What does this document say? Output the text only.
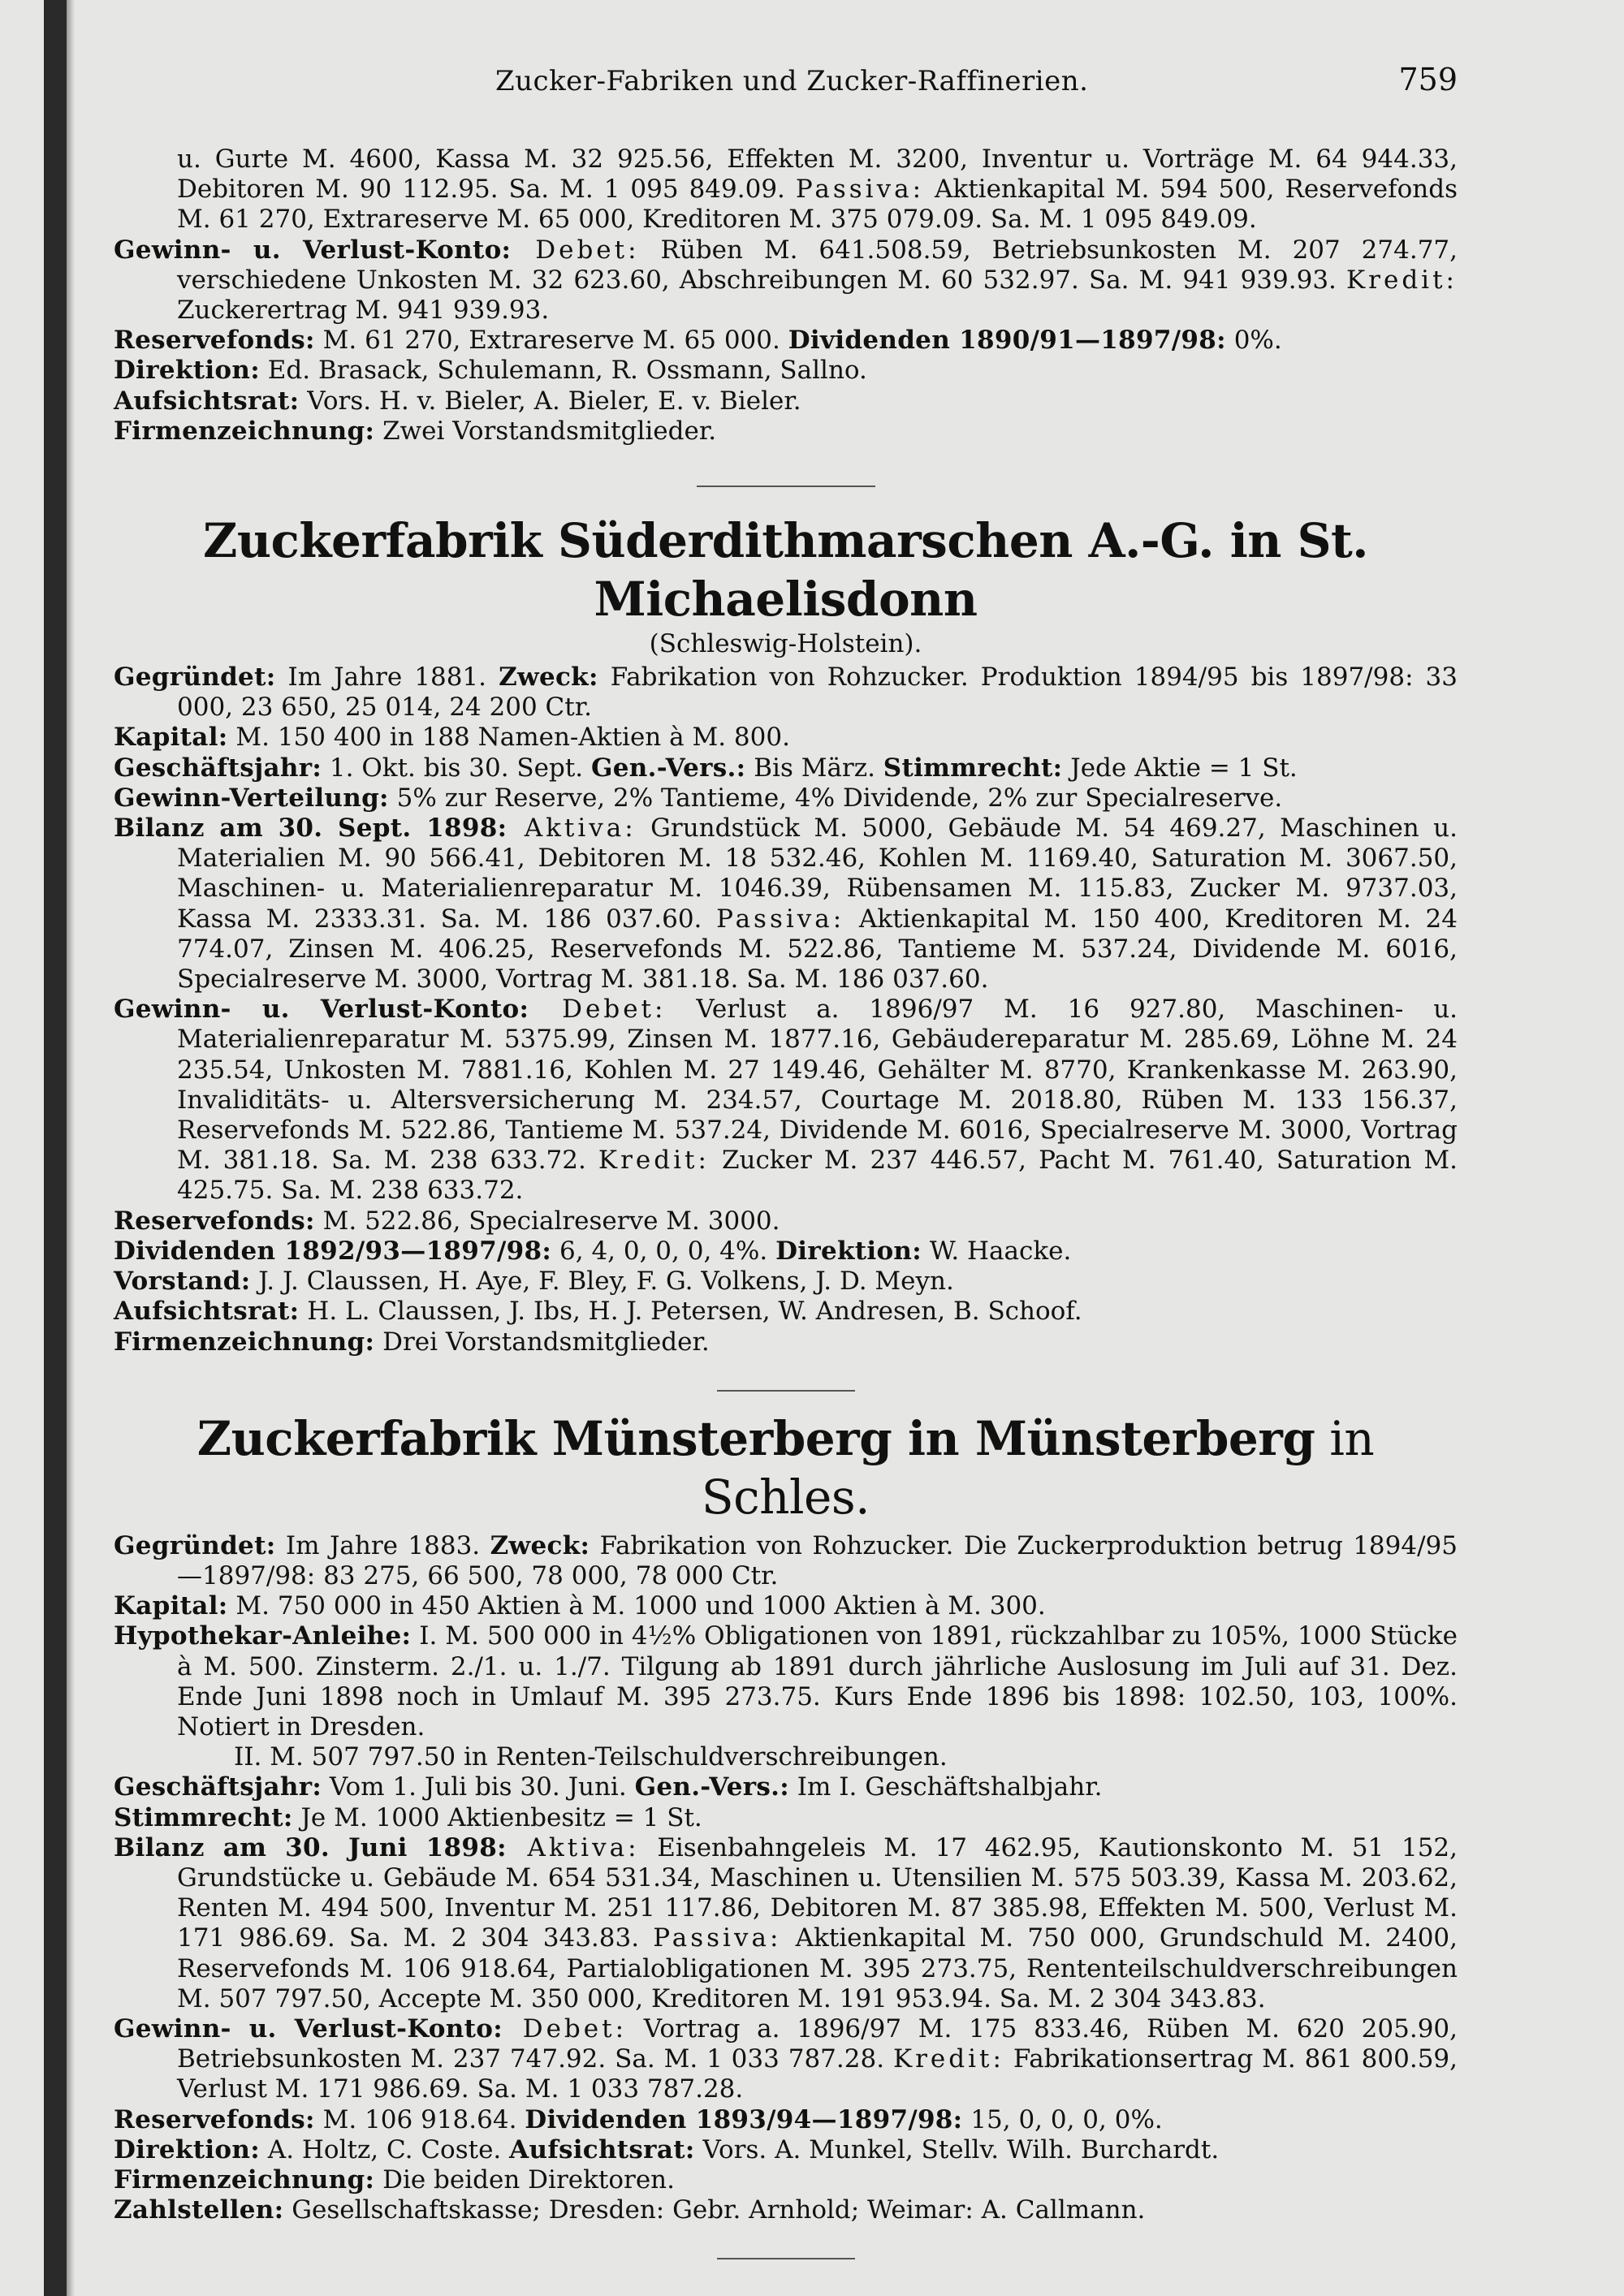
Zucker-Fabriken und Zucker-Raffinerien.	759

u. Gurte M. 4600, Kassa M. 32 925.56, Effekten M. 3200, Inventur u. Vorträge M. 64 944.33, Debitoren M. 90 112.95. Sa. M. 1 095 849.09. Passiva: Aktienkapital M. 594 500, Reservefonds M. 61 270, Extrareserve M. 65 000, Kreditoren M. 375 079.09. Sa. M. 1 095 849.09.

Gewinn- u. Verlust-Konto: Debet: Rüben M. 641.508.59, Betriebsunkosten M. 207 274.77, verschiedene Unkosten M. 32 623.60, Abschreibungen M. 60 532.97. Sa. M. 941 939.93. Kredit: Zuckerertrag M. 941 939.93.

Reservefonds: M. 61 270, Extrareserve M. 65 000. Dividenden 1890/91—1897/98: 0%.

Direktion: Ed. Brasack, Schulemann, R. Ossmann, Sallno.

Aufsichtsrat: Vors. H. v. Bieler, A. Bieler, E. v. Bieler.

Firmenzeichnung: Zwei Vorstandsmitglieder.

Zuckerfabrik Süderdithmarschen A.-G. in St. Michaelisdonn

(Schleswig-Holstein).

Gegründet: Im Jahre 1881. Zweck: Fabrikation von Rohzucker. Produktion 1894/95 bis 1897/98: 33 000, 23 650, 25 014, 24 200 Ctr.

Kapital: M. 150 400 in 188 Namen-Aktien à M. 800.

Geschäftsjahr: 1. Okt. bis 30. Sept. Gen.-Vers.: Bis März. Stimmrecht: Jede Aktie = 1 St.

Gewinn-Verteilung: 5% zur Reserve, 2% Tantieme, 4% Dividende, 2% zur Specialreserve.

Bilanz am 30. Sept. 1898: Aktiva: Grundstück M. 5000, Gebäude M. 54 469.27, Maschinen u. Materialien M. 90 566.41, Debitoren M. 18 532.46, Kohlen M. 1169.40, Saturation M. 3067.50, Maschinen- u. Materialienreparatur M. 1046.39, Rübensamen M. 115.83, Zucker M. 9737.03, Kassa M. 2333.31. Sa. M. 186 037.60. Passiva: Aktienkapital M. 150 400, Kreditoren M. 24 774.07, Zinsen M. 406.25, Reservefonds M. 522.86, Tantieme M. 537.24, Dividende M. 6016, Specialreserve M. 3000, Vortrag M. 381.18. Sa. M. 186 037.60.

Gewinn- u. Verlust-Konto: Debet: Verlust a. 1896/97 M. 16 927.80, Maschinen- u. Materialienreparatur M. 5375.99, Zinsen M. 1877.16, Gebäudereparatur M. 285.69, Löhne M. 24 235.54, Unkosten M. 7881.16, Kohlen M. 27 149.46, Gehälter M. 8770, Krankenkasse M. 263.90, Invaliditäts- u. Altersversicherung M. 234.57, Courtage M. 2018.80, Rüben M. 133 156.37, Reservefonds M. 522.86, Tantieme M. 537.24, Dividende M. 6016, Specialreserve M. 3000, Vortrag M. 381.18. Sa. M. 238 633.72. Kredit: Zucker M. 237 446.57, Pacht M. 761.40, Saturation M. 425.75. Sa. M. 238 633.72.

Reservefonds: M. 522.86, Specialreserve M. 3000.

Dividenden 1892/93—1897/98: 6, 4, 0, 0, 0, 4%. Direktion: W. Haacke.

Vorstand: J. J. Claussen, H. Aye, F. Bley, F. G. Volkens, J. D. Meyn.

Aufsichtsrat: H. L. Claussen, J. Ibs, H. J. Petersen, W. Andresen, B. Schoof.

Firmenzeichnung: Drei Vorstandsmitglieder.

Zuckerfabrik Münsterberg in Münsterberg in Schles.

Gegründet: Im Jahre 1883. Zweck: Fabrikation von Rohzucker. Die Zuckerproduktion betrug 1894/95—1897/98: 83 275, 66 500, 78 000, 78 000 Ctr.

Kapital: M. 750 000 in 450 Aktien à M. 1000 und 1000 Aktien à M. 300.

Hypothekar-Anleihe: I. M. 500 000 in 4½% Obligationen von 1891, rückzahlbar zu 105%, 1000 Stücke à M. 500. Zinsterm. 2./1. u. 1./7. Tilgung ab 1891 durch jährliche Auslosung im Juli auf 31. Dez. Ende Juni 1898 noch in Umlauf M. 395 273.75. Kurs Ende 1896 bis 1898: 102.50, 103, 100%. Notiert in Dresden.

II. M. 507 797.50 in Renten-Teilschuldverschreibungen.

Geschäftsjahr: Vom 1. Juli bis 30. Juni. Gen.-Vers.: Im I. Geschäftshalbjahr.

Stimmrecht: Je M. 1000 Aktienbesitz = 1 St.

Bilanz am 30. Juni 1898: Aktiva: Eisenbahngeleis M. 17 462.95, Kautionskonto M. 51 152, Grundstücke u. Gebäude M. 654 531.34, Maschinen u. Utensilien M. 575 503.39, Kassa M. 203.62, Renten M. 494 500, Inventur M. 251 117.86, Debitoren M. 87 385.98, Effekten M. 500, Verlust M. 171 986.69. Sa. M. 2 304 343.83. Passiva: Aktienkapital M. 750 000, Grundschuld M. 2400, Reservefonds M. 106 918.64, Partialobligationen M. 395 273.75, Rententeilschuldverschreibungen M. 507 797.50, Accepte M. 350 000, Kreditoren M. 191 953.94. Sa. M. 2 304 343.83.

Gewinn- u. Verlust-Konto: Debet: Vortrag a. 1896/97 M. 175 833.46, Rüben M. 620 205.90, Betriebsunkosten M. 237 747.92. Sa. M. 1 033 787.28. Kredit: Fabrikationsertrag M. 861 800.59, Verlust M. 171 986.69. Sa. M. 1 033 787.28.

Reservefonds: M. 106 918.64. Dividenden 1893/94—1897/98: 15, 0, 0, 0, 0%.

Direktion: A. Holtz, C. Coste. Aufsichtsrat: Vors. A. Munkel, Stellv. Wilh. Burchardt.

Firmenzeichnung: Die beiden Direktoren.

Zahlstellen: Gesellschaftskasse; Dresden: Gebr. Arnhold; Weimar: A. Callmann.
